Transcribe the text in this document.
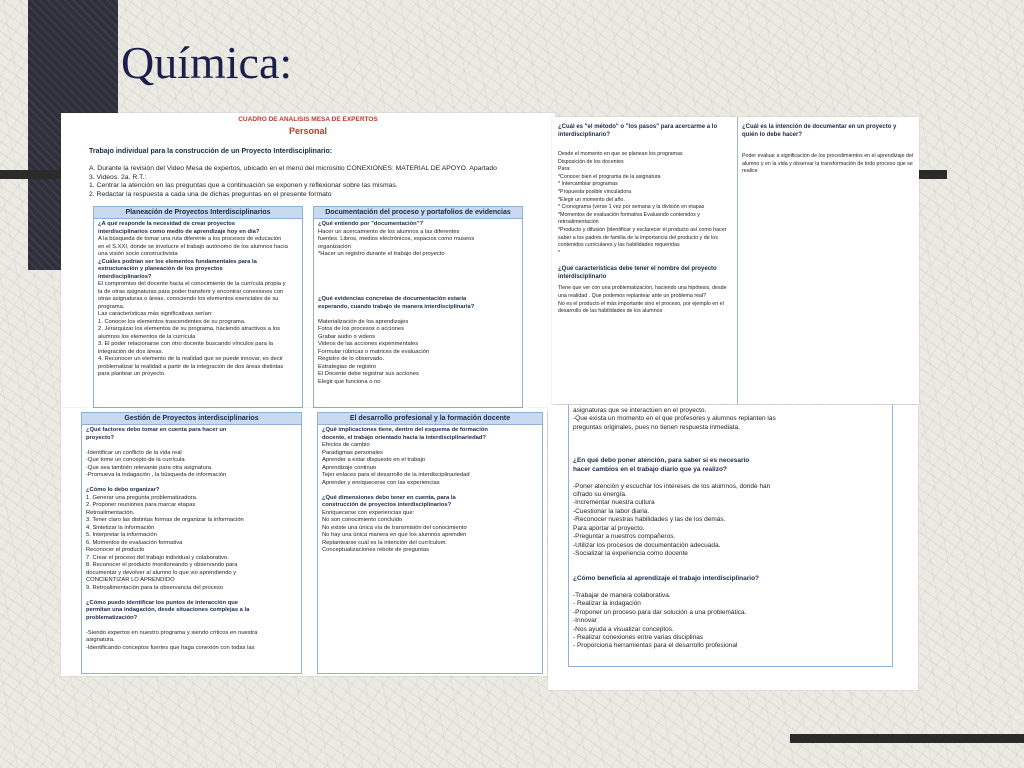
Química:
CUADRO DE ANALISIS MESA DE EXPERTOS
Personal
Trabajo individual para la construcción de un Proyecto Interdisciplinario:
A. Durante la revisión del Video Mesa de expertos, ubicado en el menú del micrositio CONEXIONES: MATERIAL DE APOYO. Apartado
3. Videos. 2a. R.T.:
1. Centrar la atención en las preguntas que a continuación se exponen y reflexionar sobre las mismas.
2. Redactar la respuesta a cada una de dichas preguntas en el presente formato
Planeación de Proyectos Interdisciplinarios
¿A qué responde la necesidad de crear proyectos
interdisciplinarios como medio de aprendizaje hoy en día?
A la búsqueda de tomar una ruta diferente a los procesos de educación
en el S.XXI, donde se involucre el trabajo autónomo de los alumnos hacia
una visión socio constructivista
¿Cuáles podrían ser los elementos fundamentales para la
estructuración y planeación de los proyectos
interdisciplinarios?
El compromiso del docente hacia el conocimiento de la currícula propia y
la de otras asignaturas para poder transferir y encontrar conexiones con
otras asignaturas o áreas, conociendo los elementos esenciales de su
programa.
Las características más significativas serían:
1. Conocer los elementos trascendentes de su programa.
2. Jerarquizar los elementos de su programa, haciendo atractivos a los
alumnos los elementos de la currícula
3. El poder relacionarse con otro docente buscando vínculos para la
integración de dos áreas.
4. Reconocer un elemento de la realidad que se puede innovar, es decir
problematizar la realidad a partir de la integración de dos áreas distintas
para plantear un proyecto.
Documentación del proceso y portafolios de evidencias
¿Qué entiendo por "documentación"?
Hacer un acercamiento de los alumnos a las diferentes
fuentes. Libros, medios electrónicos, espacios como museos
organización
*Hacer un registro durante el trabajo del proyecto

¿Qué evidencias concretas de documentación estaría
esperando, cuando trabajo de manera interdisciplinaria?

Materialización de los aprendizajes
Fotos de los procesos o acciones
Grabar audio o videos
Videos de las acciones experimentales
Formular rúbricas o matrices de evaluación
Registro de lo observado.
Estrategias de registro
El Docente debe registrar sus acciones
Elegir que funciona o no
¿Cuál es "el método" o "los pasos" para acercarme a lo interdisciplinario?
Desde el momento en que se planean los programas
Disposición de los docentes
Para:
*Conocer bien el programa de la asignatura
* Intercambiar programas
*Propuesta posible vinculadora
*Elegir un momento del año.
* Cronograma (verse 1 vez por semana y la división en etapas
*Momentos de evaluación formativa Evaluando contenidos y
retroalimentación
*Producto y difusión (identificar y esclarecer el producto así como hacer
saber a los padres de familia de la importancia del producto y de los
contenidos curriculares y las habilidades requeridas
*
¿Qué características debe tener el nombre del proyecto interdisciplinario
Tiene que ver con una problematización, haciendo una hipótesis, desde
una realidad . Que podemos replantear ante un problema real?
No es el producto el más importante sino el proceso, por ejemplo en el
desarrollo de las habilidades de los alumnos
¿Cuál es la intención de documentar en un proyecto y quién lo debe hacer?
Poder evaluar a significación de los procedimientos en el aprendizaje del
alumno y en la vida y observar la transformación de todo proceso que se
realice
Gestión de Proyectos interdisciplinarios
¿Qué factores debo tomar en cuenta para hacer un
proyecto?

-Identificar un conflicto de la vida real
-Que tome un concepto de la currícula
-Que sea también relevante para otra asignatura.
-Promueva la indagación , la búsqueda de información

¿Cómo lo debo organizar?
1. Generar una pregunta problematizadora.
2. Proponer reuniones para marcar etapas
Retroalimentación.
3. Tener claro las distintas formas de organizar la información
4. Sintetizar la información
5. Interpretar la información
6. Momentos de evaluación formativa
Reconocer el producto
7. Crear el proceso del trabajo individual y colaborativo.
8. Reconocer el producto monitoreando y observando para
documentar y devolver al alumno lo que vio aprendiendo y
CONCIENTIZAR LO APRENDIDO
9. Retroalimentación para la observancia del proceso

¿Cómo puedo identificar los puntos de interacción que
permitan una indagación, desde situaciones complejas a la
problematización?

-Siendo expertos en nuestro programa y siendo críticos en nuestra
asignatura.
-Identificando conceptos fuertes que haga conexión con todas las
El desarrollo profesional y la formación docente
¿Qué implicaciones tiene, dentro del esquema de formación
docente, el trabajo orientado hacia la interdisciplinariedad?
Efectos de cambio
Paradigmas personales
Aprender a estar dispuesto en el trabajo
Aprendizaje continuo
Tejer enlaces para el desarrollo de la interdisciplinariedad
Aprender y enriquecerse con las experiencias

¿Qué dimensiones debo tener en cuenta, para la
construcción de proyectos interdisciplinarios?
Enriquecerse con experiencias que:
No son conocimiento concluido
No existe una única vía de transmisión del conocimiento
No hay una única manera en que los alumnos aprenden
Replantearse cuál es la intención del currículum.
Conceptualizaciones rebote de preguntas
asignaturas que se interactúen en el proyecto.
-Que exista un momento en el que profesores y alumnos replanten las
preguntas originales, pues no tienen respuesta inmediata.

¿En qué debo poner atención, para saber si es necesario
hacer cambios en el trabajo diario que ya realizo?

-Poner atención y escuchar los intereses de los alumnos, donde han
cifrado su energía.
-Incrementar nuestra cultura
-Cuestionar la labor diaria.
-Reconocer nuestras habilidades y las de los demás.
Para aportar al proyecto.
-Preguntar a nuestros compañeros.
-Utilizar los procesos de documentación adecuada.
-Socializar la experiencia como docente

¿Cómo beneficia al aprendizaje el trabajo interdisciplinario?

-Trabajar de manera colaborativa.
- Realizar la indagación
-Proponer un proceso para dar solución a una problemática.
-Innovar
-Nos ayuda a visualizar conceptos.
- Realizar conexiones entre varias disciplinas
- Proporciona herramientas para el desarrollo profesional
